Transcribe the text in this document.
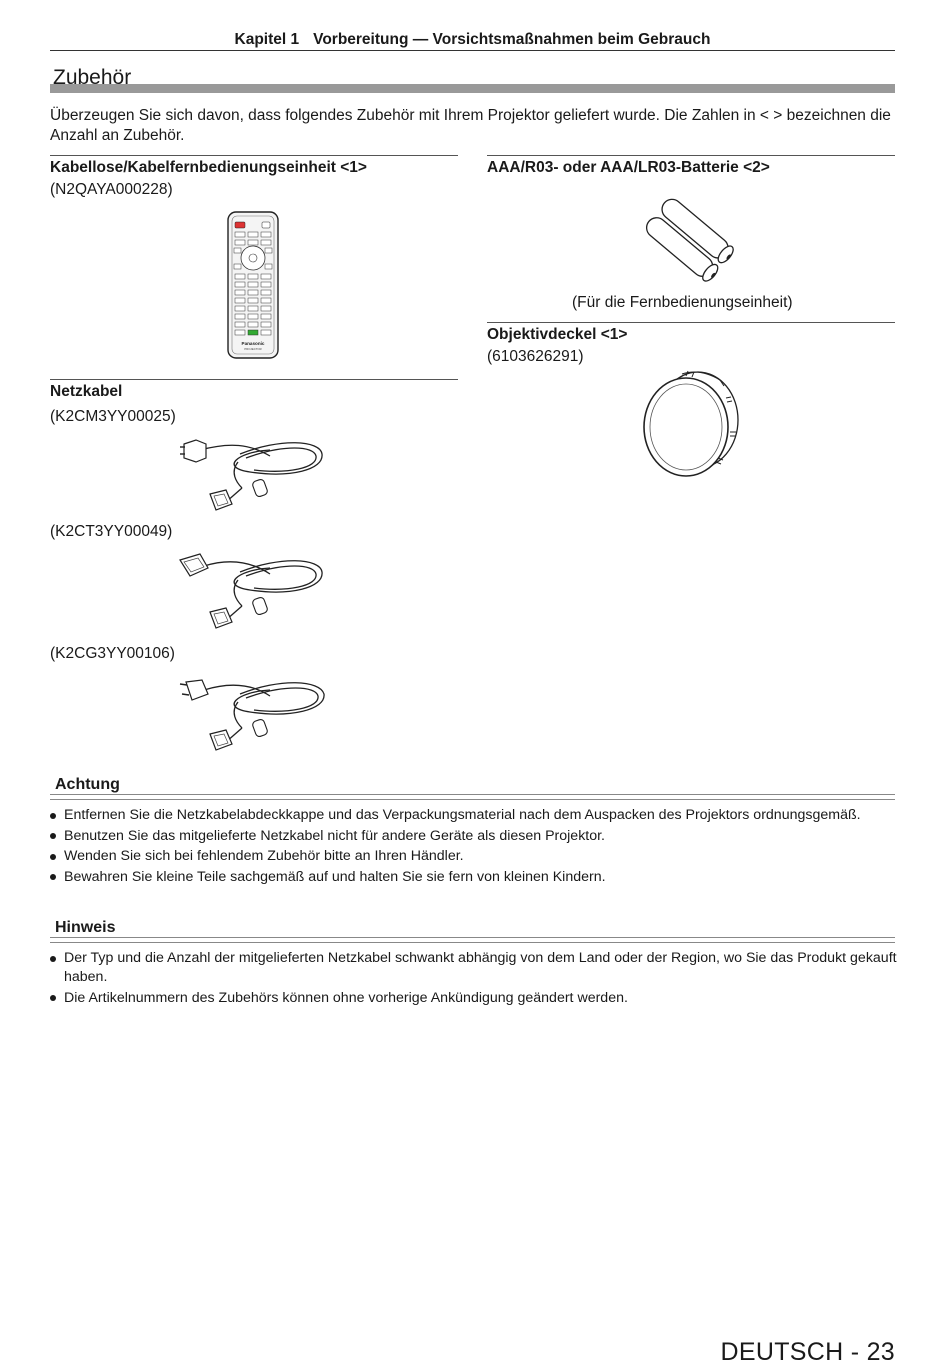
Kapitel 1 Vorbereitung — Vorsichtsmaßnahmen beim Gebrauch
Zubehör
Überzeugen Sie sich davon, dass folgendes Zubehör mit Ihrem Projektor geliefert wurde. Die Zahlen in < > bezeichnen die Anzahl an Zubehör.
Kabellose/Kabelfernbedienungseinheit <1>
(N2QAYA000228)
Panasonic
PROJECTOR
AAA/R03- oder AAA/LR03-Batterie <2>
(Für die Fernbedienungseinheit)
Objektivdeckel <1>
(6103626291)
Netzkabel
(K2CM3YY00025)
(K2CT3YY00049)
(K2CG3YY00106)
Achtung
Entfernen Sie die Netzkabelabdeckkappe und das Verpackungsmaterial nach dem Auspacken des Projektors ordnungsgemäß.
Benutzen Sie das mitgelieferte Netzkabel nicht für andere Geräte als diesen Projektor.
Wenden Sie sich bei fehlendem Zubehör bitte an Ihren Händler.
Bewahren Sie kleine Teile sachgemäß auf und halten Sie sie fern von kleinen Kindern.
Hinweis
Der Typ und die Anzahl der mitgelieferten Netzkabel schwankt abhängig von dem Land oder der Region, wo Sie das Produkt gekauft haben.
Die Artikelnummern des Zubehörs können ohne vorherige Ankündigung geändert werden.
DEUTSCH - 23
